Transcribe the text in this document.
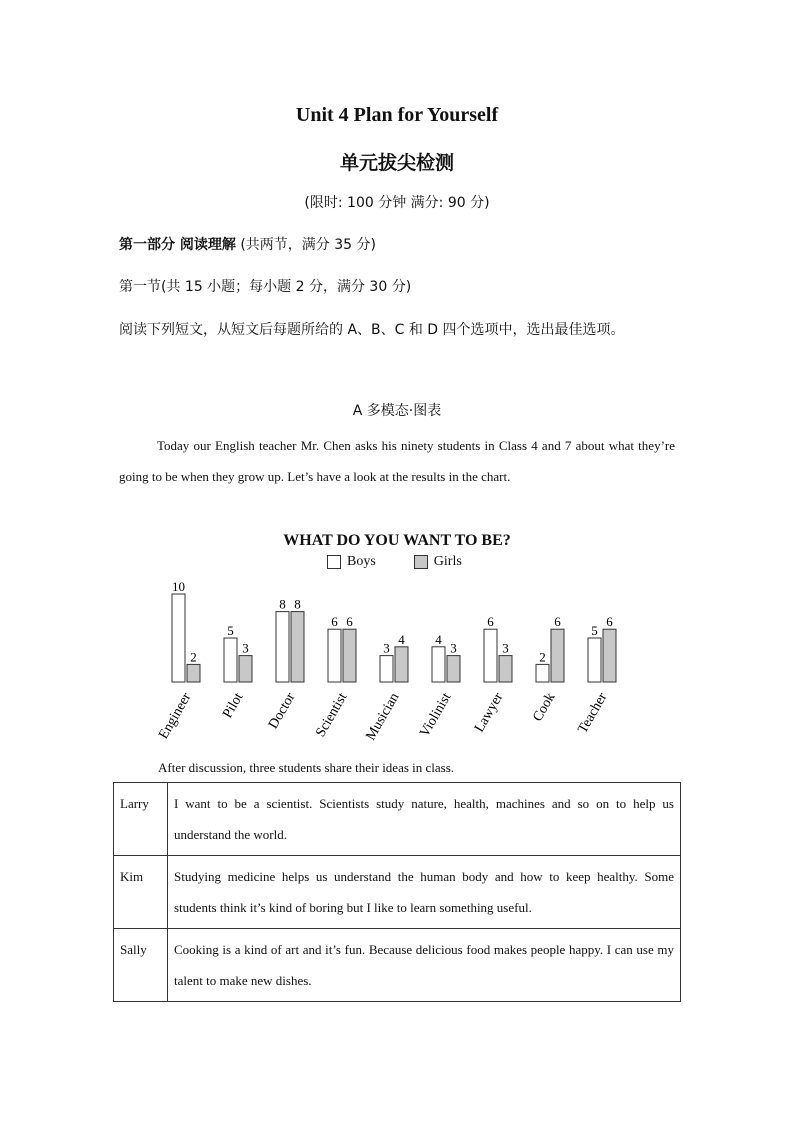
Unit 4 Plan for Yourself
单元拔尖检测
(限时: 100 分钟 满分: 90 分)
第一部分 阅读理解 (共两节，满分 35 分)
第一节(共 15 小题；每小题 2 分，满分 30 分)
阅读下列短文，从短文后每题所给的 A、B、C 和 D 四个选项中，选出最佳选项。
A 多模态·图表
Today our English teacher Mr. Chen asks his ninety students in Class 4 and 7 about what they’re going to be when they grow up. Let’s have a look at the results in the chart.
WHAT DO YOU WANT TO BE?
Boys	Girls
10
2
Engineer
5
3
Pilot
8 8
Doctor
6 6
Scientist
3
4
Musician
4
3
Violinist
6
3
Lawyer
2
6
Cook
5
6
Teacher
After discussion, three students share their ideas in class.
Larry	I want to be a scientist. Scientists study nature, health, machines and so on to help us understand the world.
Kim	Studying medicine helps us understand the human body and how to keep healthy. Some students think it’s kind of boring but I like to learn something useful.
Sally	Cooking is a kind of art and it’s fun. Because delicious food makes people happy. I can use my talent to make new dishes.
